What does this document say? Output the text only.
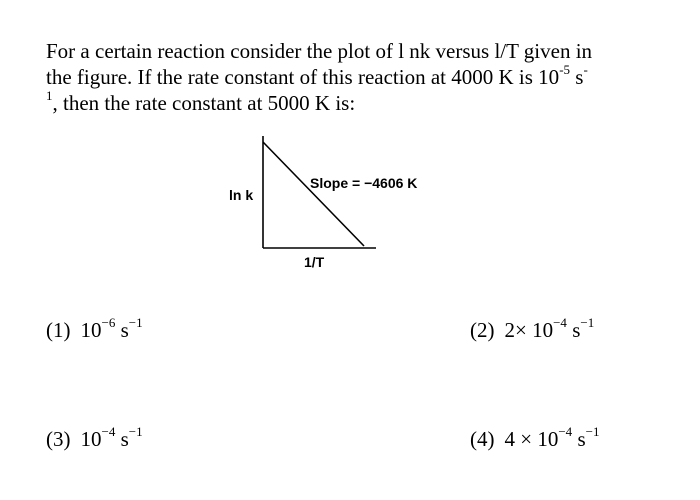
For a certain reaction consider the plot of l nk versus l/T given in
the figure. If the rate constant of this reaction at 4000 K is $10^{-5}$ s-
$^1$, then the rate constant at 5000 K is:
ln k
1/T
Slope = −4606 K
(1) $10^{-6}$ $s^{-1}$	(2) $2\times 10^{-4}$ $s^{-1}$
(3) $10^{-4}$ $s^{-1}$	(4) $4 \times 10^{-4}$ $s^{-1}$
